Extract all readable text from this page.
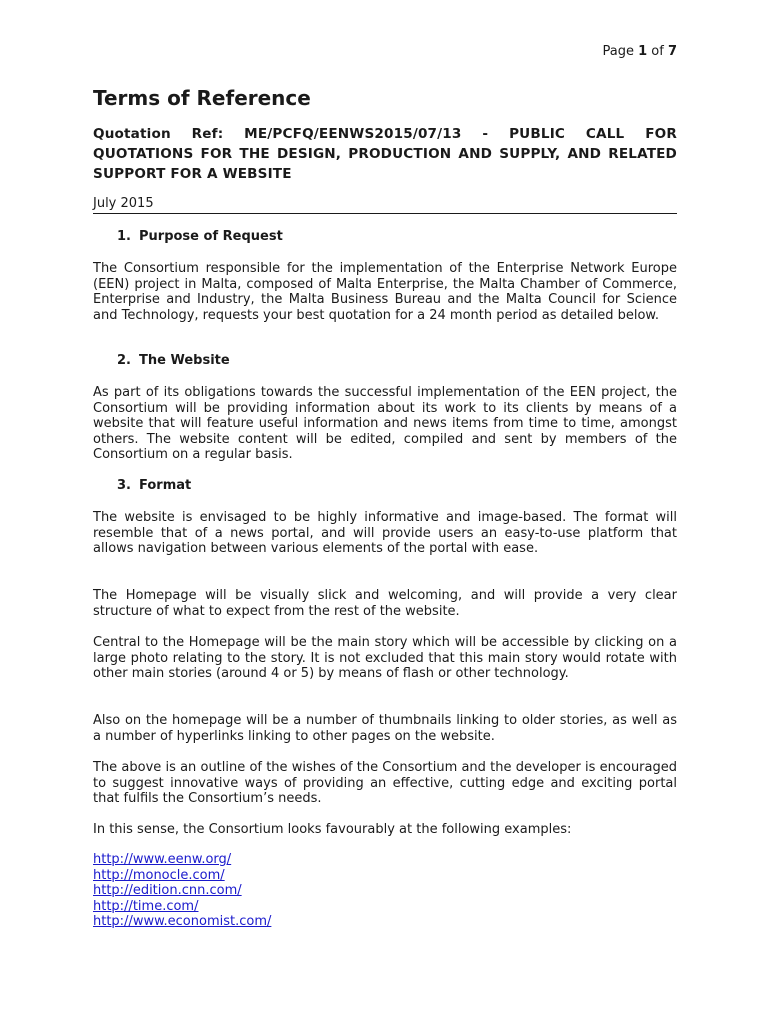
Page 1 of 7
Terms of Reference

Quotation Ref: ME/PCFQ/EENWS2015/07/13 - PUBLIC CALL FOR QUOTATIONS FOR THE DESIGN, PRODUCTION AND SUPPLY, AND RELATED SUPPORT FOR A WEBSITE

July 2015
1. Purpose of Request

The Consortium responsible for the implementation of the Enterprise Network Europe (EEN) project in Malta, composed of Malta Enterprise, the Malta Chamber of Commerce, Enterprise and Industry, the Malta Business Bureau and the Malta Council for Science and Technology, requests your best quotation for a 24 month period as detailed below.

2. The Website

As part of its obligations towards the successful implementation of the EEN project, the Consortium will be providing information about its work to its clients by means of a website that will feature useful information and news items from time to time, amongst others. The website content will be edited, compiled and sent by members of the Consortium on a regular basis.

3. Format

The website is envisaged to be highly informative and image-based. The format will resemble that of a news portal, and will provide users an easy-to-use platform that allows navigation between various elements of the portal with ease.

The Homepage will be visually slick and welcoming, and will provide a very clear structure of what to expect from the rest of the website.

Central to the Homepage will be the main story which will be accessible by clicking on a large photo relating to the story. It is not excluded that this main story would rotate with other main stories (around 4 or 5) by means of flash or other technology.

Also on the homepage will be a number of thumbnails linking to older stories, as well as a number of hyperlinks linking to other pages on the website.

The above is an outline of the wishes of the Consortium and the developer is encouraged to suggest innovative ways of providing an effective, cutting edge and exciting portal that fulfils the Consortium’s needs.

In this sense, the Consortium looks favourably at the following examples:

http://www.eenw.org/
http://monocle.com/
http://edition.cnn.com/
http://time.com/
http://www.economist.com/
